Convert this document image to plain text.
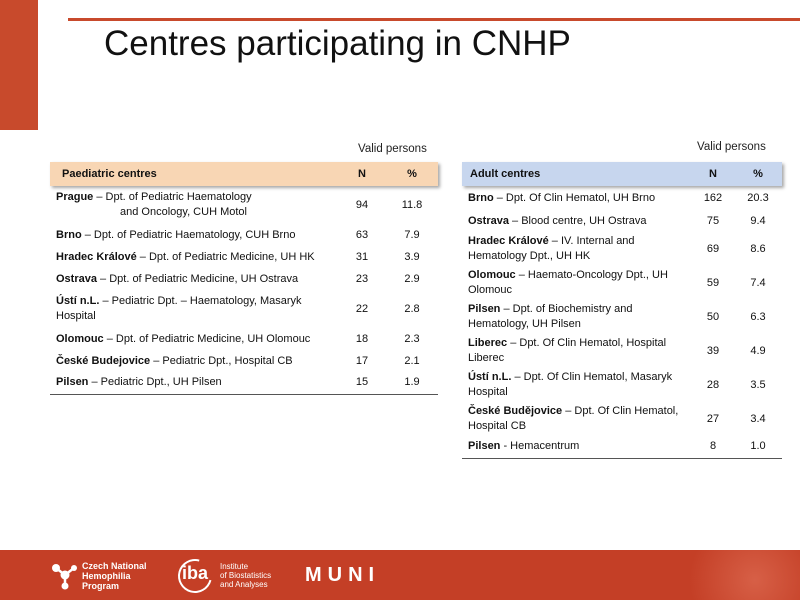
Centres participating in CNHP
Valid persons	Valid persons
Paediatric centres	N	%
Prague – Dpt. of Pediatric Haematology
and Oncology, CUH Motol	94	11.8
Brno – Dpt. of Pediatric Haematology, CUH Brno	63	7.9
Hradec Králové – Dpt. of Pediatric Medicine, UH HK	31	3.9
Ostrava – Dpt. of Pediatric Medicine, UH Ostrava	23	2.9
Ústí n.L. – Pediatric Dpt. – Haematology, Masaryk Hospital	22	2.8
Olomouc – Dpt. of Pediatric Medicine, UH Olomouc	18	2.3
České Budejovice – Pediatric Dpt., Hospital CB	17	2.1
Pilsen – Pediatric Dpt., UH Pilsen	15	1.9
Adult centres	N	%
Brno – Dpt. Of Clin Hematol, UH Brno	162	20.3
Ostrava – Blood centre, UH Ostrava	75	9.4
Hradec Králové – IV. Internal and Hematology Dpt., UH HK	69	8.6
Olomouc – Haemato-Oncology Dpt., UH Olomouc	59	7.4
Pilsen – Dpt. of Biochemistry and Hematology, UH Pilsen	50	6.3
Liberec – Dpt. Of Clin Hematol, Hospital Liberec	39	4.9
Ústí n.L. – Dpt. Of Clin Hematol, Masaryk Hospital	28	3.5
České Budějovice – Dpt. Of Clin Hematol, Hospital CB	27	3.4
Pilsen - Hemacentrum	8	1.0
Czech National
Hemophilia
Program
iba Institute
of Biostatistics
and Analyses MUNI
